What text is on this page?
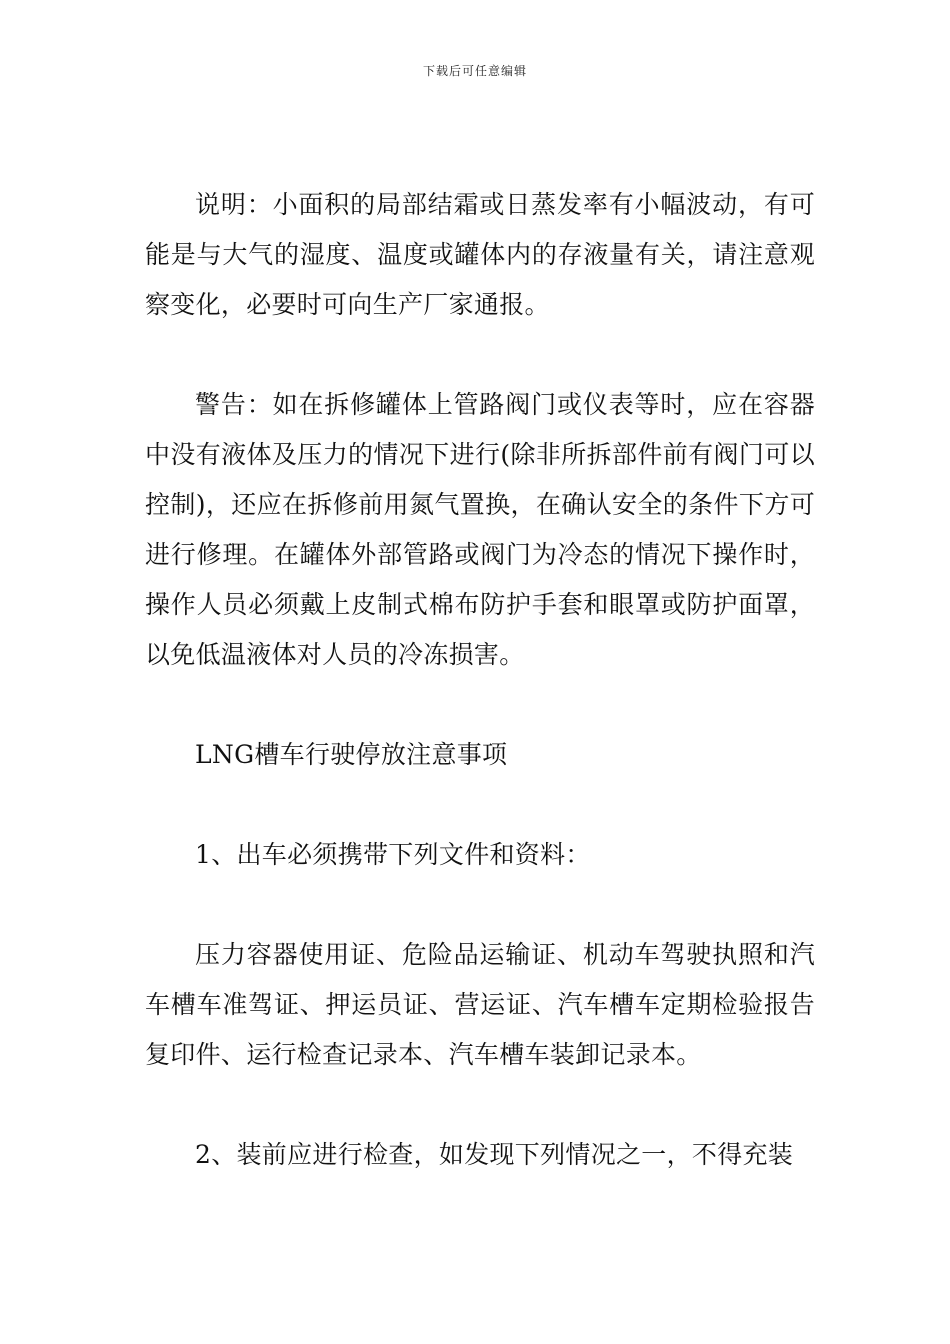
下载后可任意编辑

说明：小面积的局部结霜或日蒸发率有小幅波动，有可能是与大气的湿度、温度或罐体内的存液量有关，请注意观察变化，必要时可向生产厂家通报。

警告：如在拆修罐体上管路阀门或仪表等时，应在容器中没有液体及压力的情况下进行(除非所拆部件前有阀门可以控制)，还应在拆修前用氮气置换，在确认安全的条件下方可进行修理。在罐体外部管路或阀门为冷态的情况下操作时，操作人员必须戴上皮制式棉布防护手套和眼罩或防护面罩，以免低温液体对人员的冷冻损害。

LNG槽车行驶停放注意事项

1、出车必须携带下列文件和资料：

压力容器使用证、危险品运输证、机动车驾驶执照和汽车槽车准驾证、押运员证、营运证、汽车槽车定期检验报告复印件、运行检查记录本、汽车槽车装卸记录本。

2、装前应进行检查，如发现下列情况之一，不得充装
